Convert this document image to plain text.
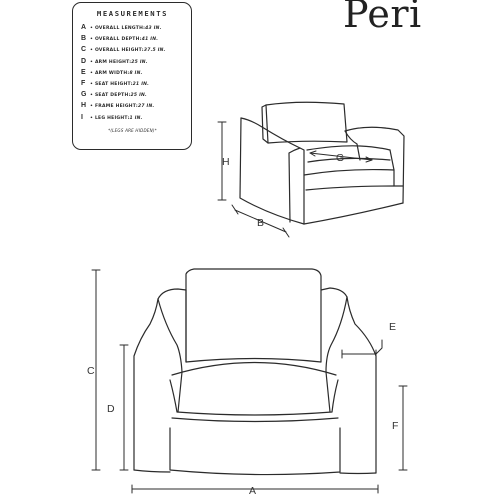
MEASUREMENTS
A • OVERALL LENGTH: 43 IN.
B • OVERALL DEPTH: 41 IN.
C • OVERALL HEIGHT: 37.5 IN.
D • ARM HEIGHT: 25 IN.
E • ARM WIDTH: 8 IN.
F	• SEAT HEIGHT: 21 IN.
G • SEAT DEPTH: 25 IN.
H • FRAME HEIGHT: 27 IN.
I	• LEG HEIGHT: 1 IN.
*(LEGS ARE HIDDEN)*
Peri
G
H
B
C
D
E
F
A
